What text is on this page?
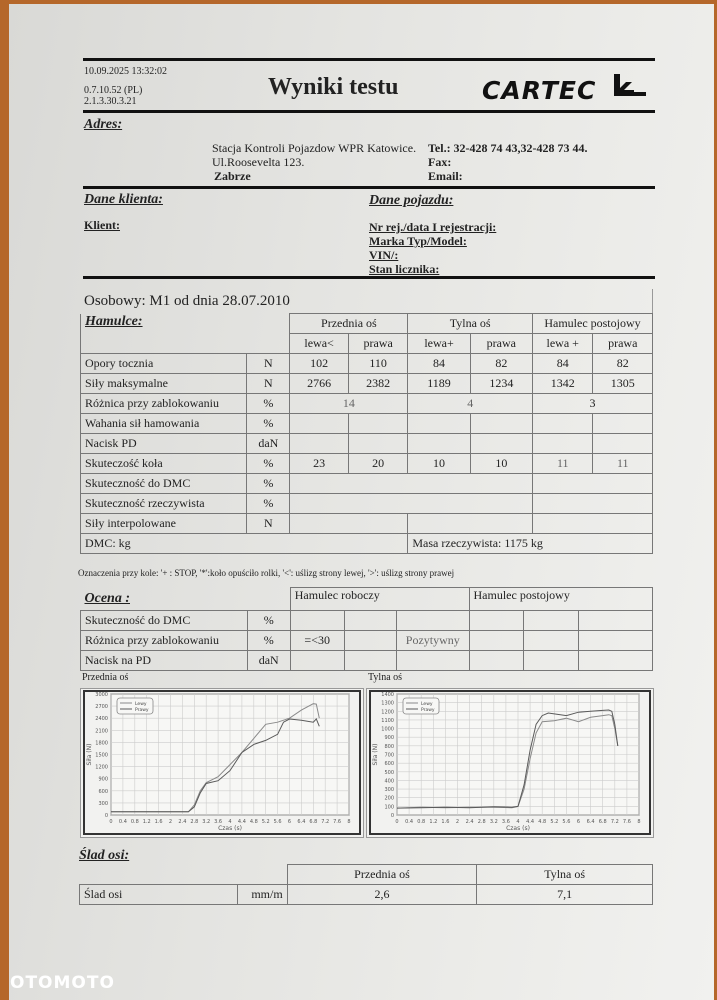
10.09.2025 13:32:02
0.7.10.52 (PL)
2.1.3.30.3.21
Wyniki testu	CARTEC
Adres:
Stacja Kontroli Pojazdow WPR Katowice.
Ul.Roosevelta 123.
Zabrze
Tel.: 32-428 74 43,32-428 73 44.
Fax:
Email:
Dane klienta:
Klient:
Dane pojazdu:
Nr rej./data I rejestracji:
Marka Typ/Model:
VIN/:
Stan licznika:
Osobowy: M1 od dnia 28.07.2010
Hamulce:		Przednia oś		Tylna oś		Hamulec postojowy	
		lewa<	prawa	lewa+	prawa	lewa +	prawa
Opory tocznia	N	102	110	84	82	84	82
Siły maksymalne	N	2766	2382	1189	1234	1342	1305
Różnica przy zablokowaniu	%	14		4		3	
Wahania sił hamowania	%						
Nacisk PD	daN						
Skuteczość koła	%	23	20	10	10	11	11
Skuteczność do DMC	%						
Skuteczność rzeczywista	%						
Siły interpolowane	N						
DMC: kg				Masa rzeczywista: 1175 kg			
Oznaczenia przy kole: '+ : STOP, '*':koło opuściło rolki, '<': uślizg strony lewej, '>': uślizg strony prawej
Ocena :		Hamulec roboczy			Hamulec postojowy		
Skuteczność do DMC	%						
Różnica przy zablokowaniu	%	=<30		Pozytywny			
Nacisk na PD	daN						
Przednia oś
0 0.4 0.8 1.2 1.6 2 2.4 2.8 3.2 3.6 4 4.4 4.8 5.2 5.6 6 6.4 6.8 7.2 7.6 8
0
300
600
900
1200
1500
1800
2100
2400
2700
3000
Czas (s)
Siła (N)
Lewy
Prawy
Tylna oś
0 0.4 0.8 1.2 1.6 2 2.4 2.8 3.2 3.6 4 4.4 4.8 5.2 5.6 6 6.4 6.8 7.2 7.6 8
0
100
200
300
400
500
600
700
800
900
1000
1100
1200
1300
1400
Czas (s)
Siła (N)
Lewy
Prawy
Ślad osi:
		Przednia oś	Tylna oś
Ślad osi	mm/m	2,6	7,1
OTOMOTO
